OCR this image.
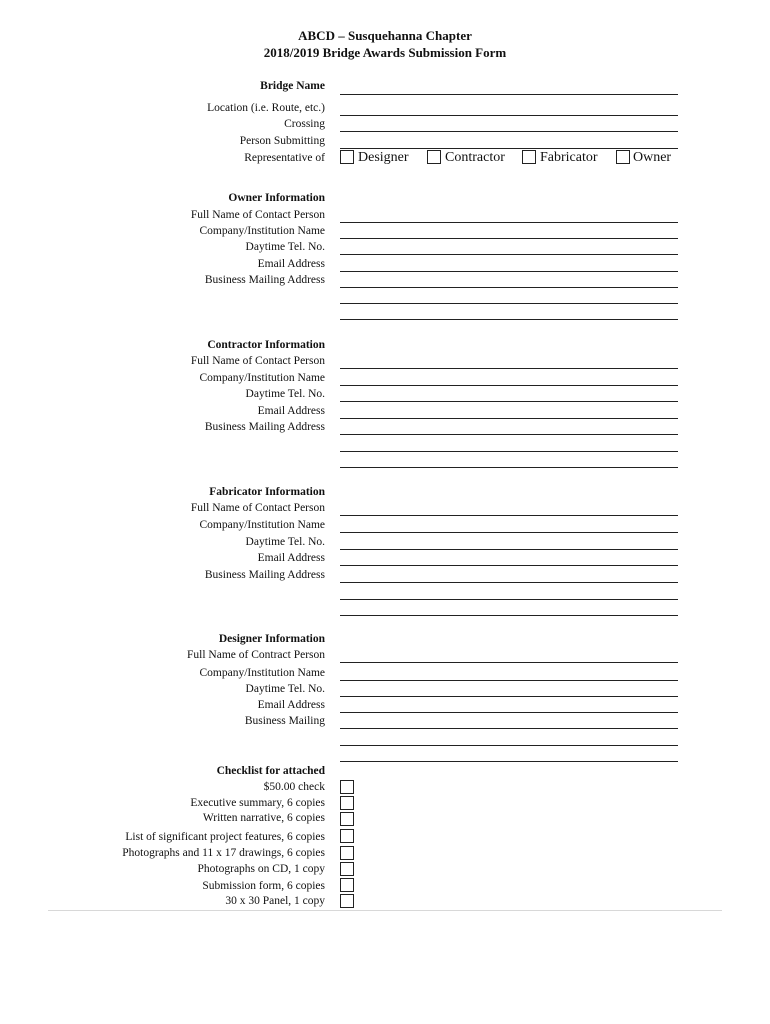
ABCD – Susquehanna Chapter
2018/2019 Bridge Awards Submission Form
Bridge Name
Location (i.e. Route, etc.)
Crossing
Person Submitting
Representative of Designer	Contractor	Fabricator	Owner
Owner Information
Full Name of Contact Person
Company/Institution Name
Daytime Tel. No.
Email Address
Business Mailing Address
Contractor Information
Full Name of Contact Person
Company/Institution Name
Daytime Tel. No.
Email Address
Business Mailing Address
Fabricator Information
Full Name of Contact Person
Company/Institution Name
Daytime Tel. No.
Email Address
Business Mailing Address
Designer Information
Full Name of Contract Person
Company/Institution Name
Daytime Tel. No.
Email Address
Business Mailing
Checklist for attached
$50.00 check
Executive summary, 6 copies
Written narrative, 6 copies
List of significant project features, 6 copies
Photographs and 11 x 17 drawings, 6 copies
Photographs on CD, 1 copy
Submission form, 6 copies
30 x 30 Panel, 1 copy
